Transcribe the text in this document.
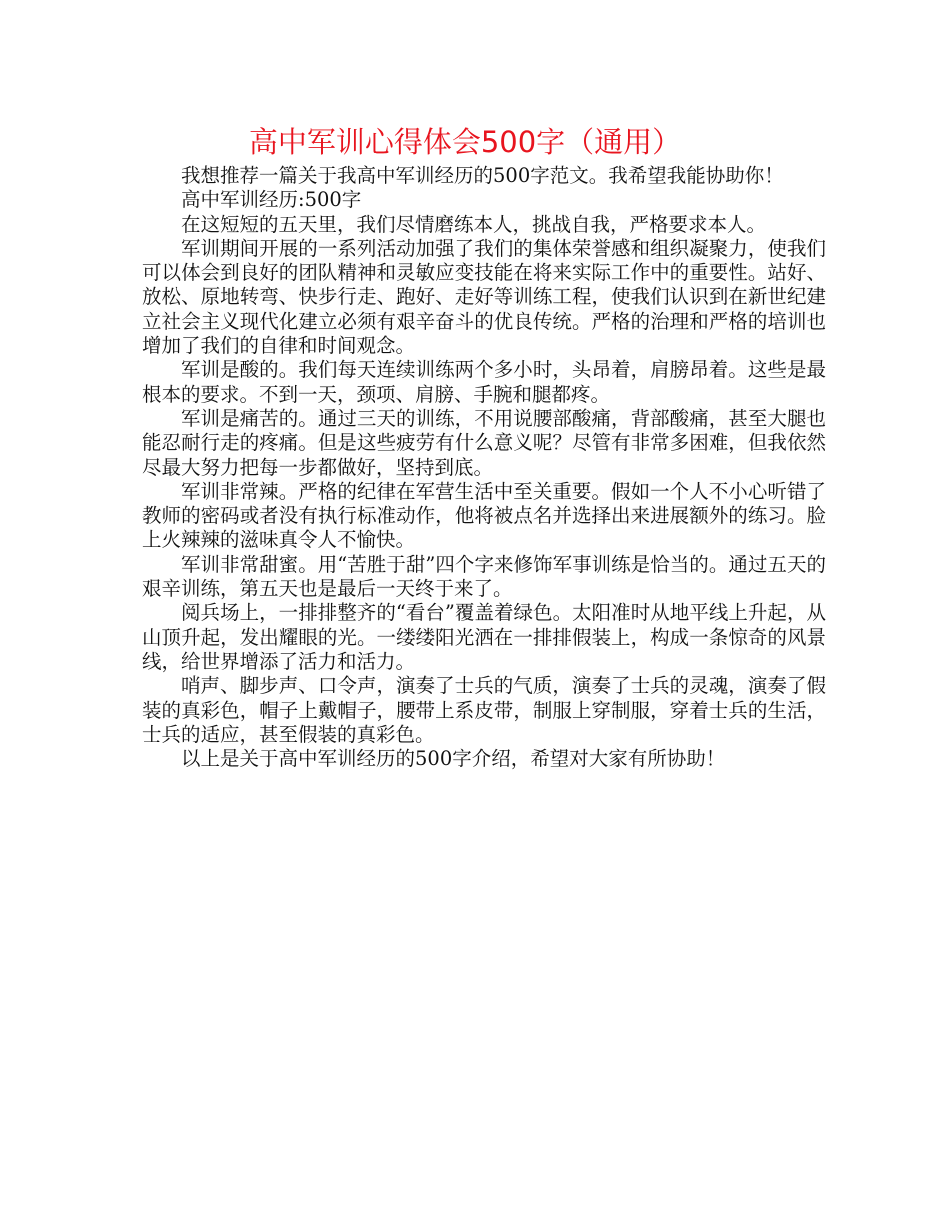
高中军训心得体会500字（通用）

我想推荐一篇关于我高中军训经历的500字范文。我希望我能协助你！

高中军训经历:500字

在这短短的五天里，我们尽情磨练本人，挑战自我，严格要求本人。

军训期间开展的一系列活动加强了我们的集体荣誉感和组织凝聚力，使我们可以体会到良好的团队精神和灵敏应变技能在将来实际工作中的重要性。站好、放松、原地转弯、快步行走、跑好、走好等训练工程，使我们认识到在新世纪建立社会主义现代化建立必须有艰辛奋斗的优良传统。严格的治理和严格的培训也增加了我们的自律和时间观念。

军训是酸的。我们每天连续训练两个多小时，头昂着，肩膀昂着。这些是最根本的要求。不到一天，颈项、肩膀、手腕和腿都疼。

军训是痛苦的。通过三天的训练，不用说腰部酸痛，背部酸痛，甚至大腿也能忍耐行走的疼痛。但是这些疲劳有什么意义呢？尽管有非常多困难，但我依然尽最大努力把每一步都做好，坚持到底。

军训非常辣。严格的纪律在军营生活中至关重要。假如一个人不小心听错了教师的密码或者没有执行标准动作，他将被点名并选择出来进展额外的练习。脸上火辣辣的滋味真令人不愉快。

军训非常甜蜜。用“苦胜于甜”四个字来修饰军事训练是恰当的。通过五天的艰辛训练，第五天也是最后一天终于来了。

阅兵场上，一排排整齐的“看台”覆盖着绿色。太阳准时从地平线上升起，从山顶升起，发出耀眼的光。一缕缕阳光洒在一排排假装上，构成一条惊奇的风景线，给世界增添了活力和活力。

哨声、脚步声、口令声，演奏了士兵的气质，演奏了士兵的灵魂，演奏了假装的真彩色，帽子上戴帽子，腰带上系皮带，制服上穿制服，穿着士兵的生活，士兵的适应，甚至假装的真彩色。

以上是关于高中军训经历的500字介绍，希望对大家有所协助！
